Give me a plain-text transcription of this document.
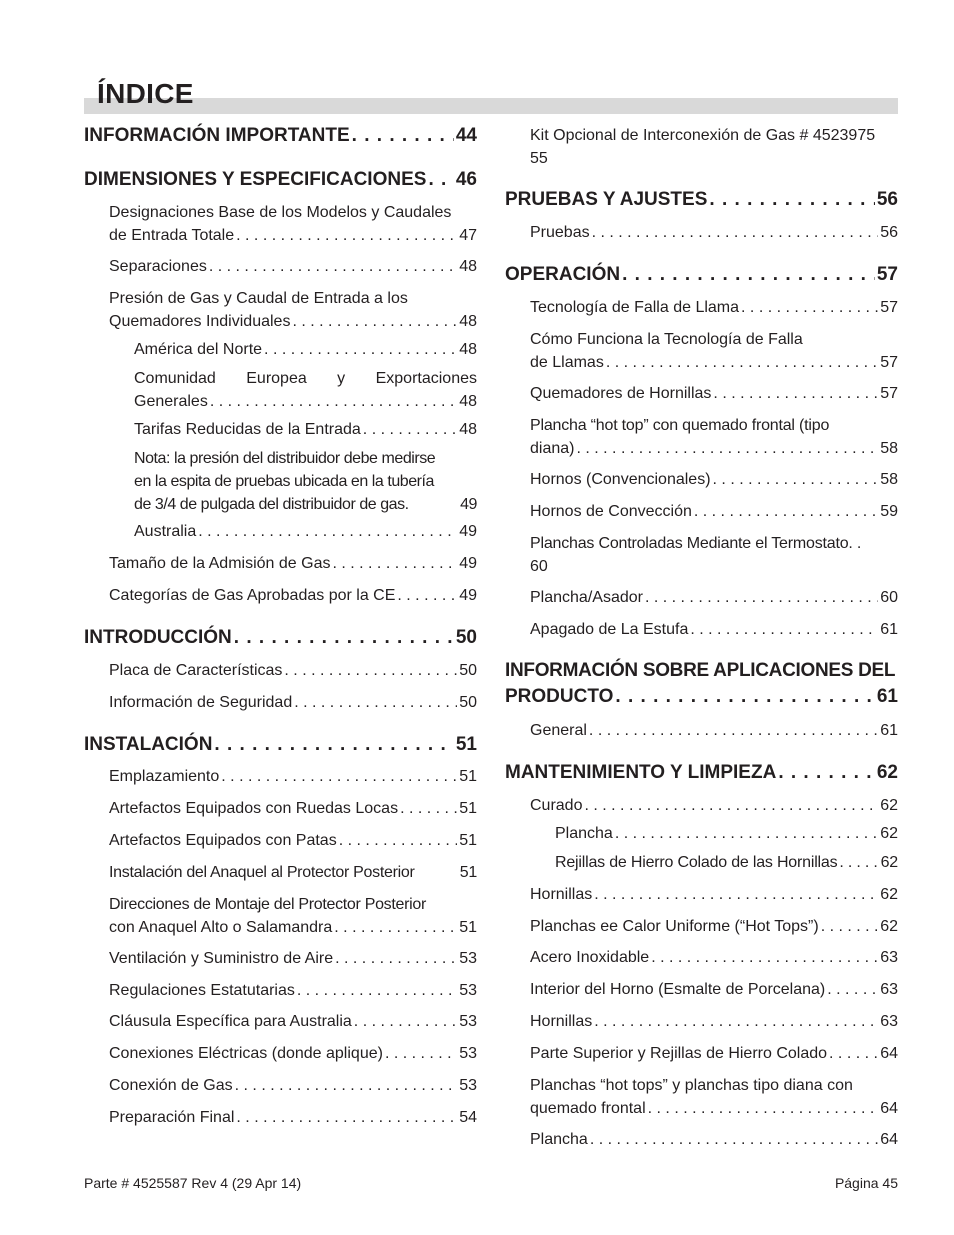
ÍNDICE
INFORMACIÓN IMPORTANTE . . .	44
DIMENSIONES Y ESPECIFICACIONES . . . 46
Designaciones Base de los Modelos y Caudales
de Entrada Totale . . .	47
Separaciones . . .	48
Presión de Gas y Caudal de Entrada a los
Quemadores Individuales . . .	48
América del Norte . . .	48
Comunidad Europea y Exportaciones
Generales . . .	48
Tarifas Reducidas de la Entrada . . .	48
Nota: la presión del distribuidor debe medirse
en la espita de pruebas ubicada en la tubería
de 3/4 de pulgada del distribuidor de gas.	49
Australia . . .	49
Tamaño de la Admisión de Gas . . .	49
Categorías de Gas Aprobadas por la CE . . .	49
INTRODUCCIÓN . . .	50
Placa de Características . . .	50
Información de Seguridad . . .	50
INSTALACIÓN . . .	51
Emplazamiento . . .	51
Artefactos Equipados con Ruedas Locas . . .	51
Artefactos Equipados con Patas . . .	51
Instalación del Anaquel al Protector Posterior	51
Direcciones de Montaje del Protector Posterior
con Anaquel Alto o Salamandra . . .	51
Ventilación y Suministro de Aire . . .	53
Regulaciones Estatutarias . . .	53
Cláusula Específica para Australia . . .	53
Conexiones Eléctricas (donde aplique) . . .	53
Conexión de Gas . . .	53
Preparación Final . . .	54
Kit Opcional de Interconexión de Gas # 4523975
55
PRUEBAS Y AJUSTES . . .	56
Pruebas . . .	56
OPERACIÓN . . .	57
Tecnología de Falla de Llama . . .	57
Cómo Funciona la Tecnología de Falla
de Llamas . . .	57
Quemadores de Hornillas . . .	57
Plancha “hot top” con quemado frontal (tipo
diana) . . .	58
Hornos (Convencionales) . . .	58
Hornos de Convección . . .	59
Planchas Controladas Mediante el Termostato. .
60
Plancha/Asador . . .	60
Apagado de La Estufa . . .	61
INFORMACIÓN SOBRE APLICACIONES DEL
PRODUCTO . . .	61
General . . .	61
MANTENIMIENTO Y LIMPIEZA . . .	62
Curado . . .	62
Plancha . . .	62
Rejillas de Hierro Colado de las Hornillas . . .	62
Hornillas . . .	62
Planchas ee Calor Uniforme (“Hot Tops”) . . .	62
Acero Inoxidable . . .	63
Interior del Horno (Esmalte de Porcelana) . . .	63
Hornillas . . .	63
Parte Superior y Rejillas de Hierro Colado . . .	64
Planchas “hot tops” y planchas tipo diana con
quemado frontal . . .	64
Plancha . . .	64
Parte # 4525587 Rev 4 (29 Apr 14)	Página 45
